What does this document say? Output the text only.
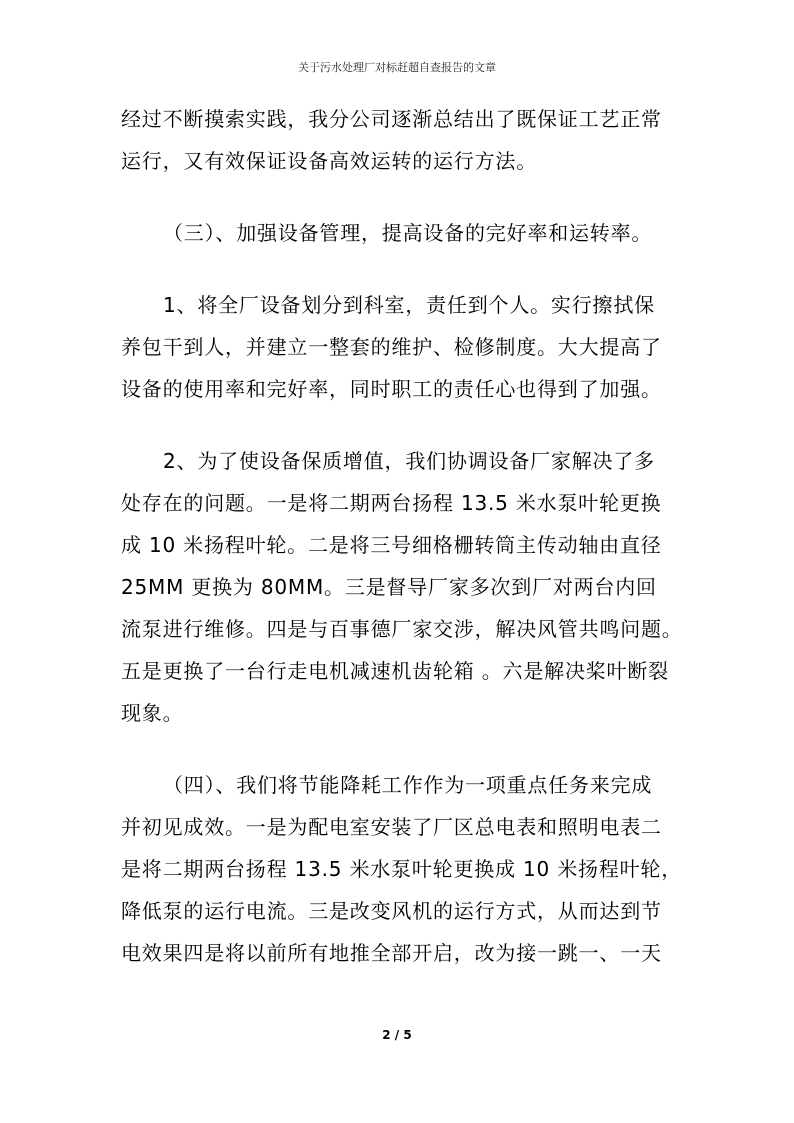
关于污水处理厂对标赶超自查报告的文章
经过不断摸索实践，我分公司逐渐总结出了既保证工艺正常
运行，又有效保证设备高效运转的运行方法。
（三）、加强设备管理，提高设备的完好率和运转率。
1、将全厂设备划分到科室，责任到个人。实行擦拭保
养包干到人，并建立一整套的维护、检修制度。大大提高了
设备的使用率和完好率，同时职工的责任心也得到了加强。
2、为了使设备保质增值，我们协调设备厂家解决了多
处存在的问题。一是将二期两台扬程 13.5 米水泵叶轮更换
成 10 米扬程叶轮。二是将三号细格栅转筒主传动轴由直径
25MM 更换为 80MM。三是督导厂家多次到厂对两台内回
流泵进行维修。四是与百事德厂家交涉，解决风管共鸣问题。
五是更换了一台行走电机减速机齿轮箱 。六是解决桨叶断裂
现象。
（四）、我们将节能降耗工作作为一项重点任务来完成
并初见成效。一是为配电室安装了厂区总电表和照明电表二
是将二期两台扬程 13.5 米水泵叶轮更换成 10 米扬程叶轮，
降低泵的运行电流。三是改变风机的运行方式，从而达到节
电效果四是将以前所有地推全部开启，改为接一跳一、一天
2 / 5
